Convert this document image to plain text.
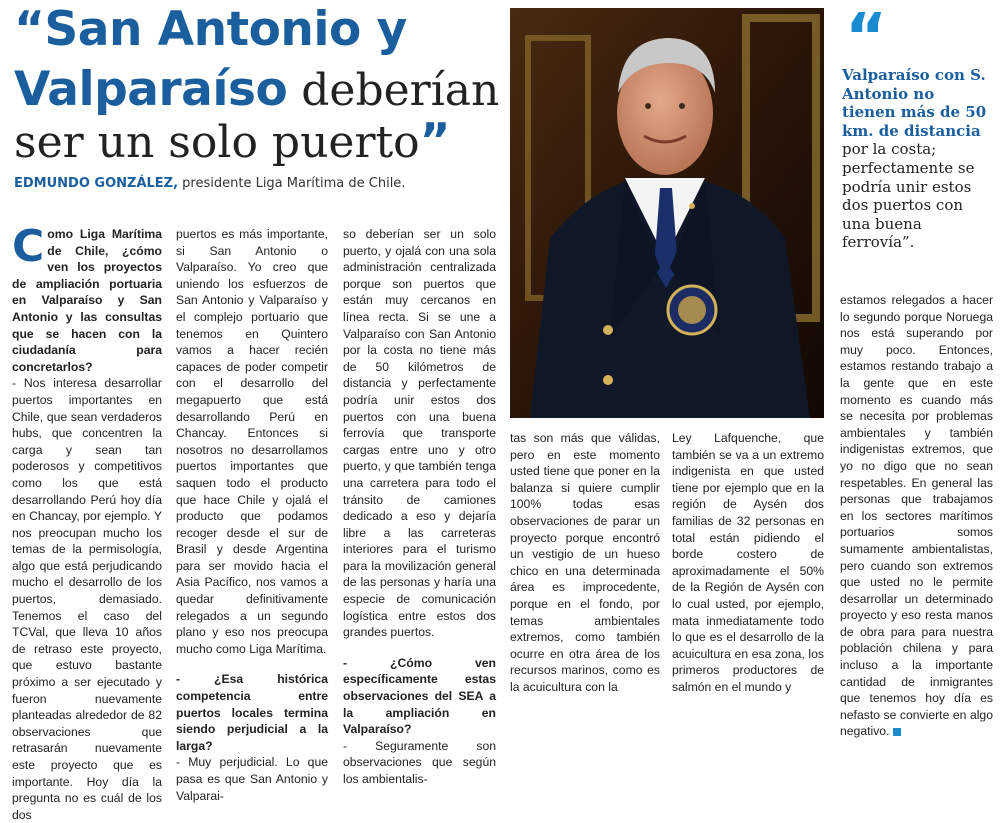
“San Antonio y
Valparaíso deberían
ser un solo puerto”
EDMUNDO GONZÁLEZ, presidente Liga Marítima de Chile.

Como Liga Marítima de Chile, ¿cómo ven los proyectos de ampliación portuaria en Valparaíso y San Antonio y las consultas que se hacen con la ciudadanía para concretarlos?

- Nos interesa desarrollar puertos importantes en Chile, que sean verdaderos hubs, que concentren la carga y sean tan poderosos y competitivos como los que está desarrollando Perú hoy día en Chancay, por ejemplo. Y nos preocupan mucho los temas de la permisología, algo que está perjudicando mucho el desarrollo de los puertos, demasiado. Tenemos el caso del TCVal, que lleva 10 años de retraso este proyecto, que estuvo bastante próximo a ser ejecutado y fueron nuevamente planteadas alrededor de 82 observaciones que retrasarán nuevamente este proyecto que es importante. Hoy día la pregunta no es cuál de los dos

puertos es más importante, si San Antonio o Valparaíso. Yo creo que uniendo los esfuerzos de San Antonio y Valparaíso y el complejo portuario que tenemos en Quintero vamos a hacer recién capaces de poder competir con el desarrollo del megapuerto que está desarrollando Perú en Chancay. Entonces si nosotros no desarrollamos puertos importantes que saquen todo el producto que hace Chile y ojalá el producto que podamos recoger desde el sur de Brasil y desde Argentina para ser movido hacia el Asia Pacífico, nos vamos a quedar definitivamente relegados a un segundo plano y eso nos preocupa mucho como Liga Marítima.

- ¿Esa histórica competencia entre puertos locales termina siendo perjudicial a la larga?

- Muy perjudicial. Lo que pasa es que San Antonio y Valparai-

so deberían ser un solo puerto, y ojalá con una sola administración centralizada porque son puertos que están muy cercanos en línea recta. Si se une a Valparaíso con San Antonio por la costa no tiene más de 50 kilómetros de distancia y perfectamente podría unir estos dos puertos con una buena ferrovía que transporte cargas entre uno y otro puerto, y que también tenga una carretera para todo el tránsito de camiones dedicado a eso y dejaría libre a las carreteras interiores para el turismo para la movilización general de las personas y haría una especie de comunicación logística entre estos dos grandes puertos.

- ¿Cómo ven específicamente estas observaciones del SEA a la ampliación en Valparaíso?

- Seguramente son observaciones que según los ambientalis-

tas son más que válidas, pero en este momento usted tiene que poner en la balanza si quiere cumplir 100% todas esas observaciones de parar un proyecto porque encontró un vestigio de un hueso chico en una determinada área es improcedente, porque en el fondo, por temas ambientales extremos, como también ocurre en otra área de los recursos marinos, como es la acuicultura con la

Ley Lafquenche, que también se va a un extremo indigenista en que usted tiene por ejemplo que en la región de Aysén dos familias de 32 personas en total están pidiendo el borde costero de aproximadamente el 50% de la Región de Aysén con lo cual usted, por ejemplo, mata inmediatamente todo lo que es el desarrollo de la acuicultura en esa zona, los primeros productores de salmón en el mundo y

“
Valparaíso con S. Antonio no tienen más de 50 km. de distancia por la costa; perfectamente se podría unir estos dos puertos con una buena ferrovía”.

estamos relegados a hacer lo segundo porque Noruega nos está superando por muy poco. Entonces, estamos restando trabajo a la gente que en este momento es cuando más se necesita por problemas ambientales y también indigenistas extremos, que yo no digo que no sean respetables. En general las personas que trabajamos en los sectores marítimos portuarios somos sumamente ambientalistas, pero cuando son extremos que usted no le permite desarrollar un determinado proyecto y eso resta manos de obra para para nuestra población chilena y para incluso a la importante cantidad de inmigrantes que tenemos hoy día es nefasto se convierte en algo negativo.
